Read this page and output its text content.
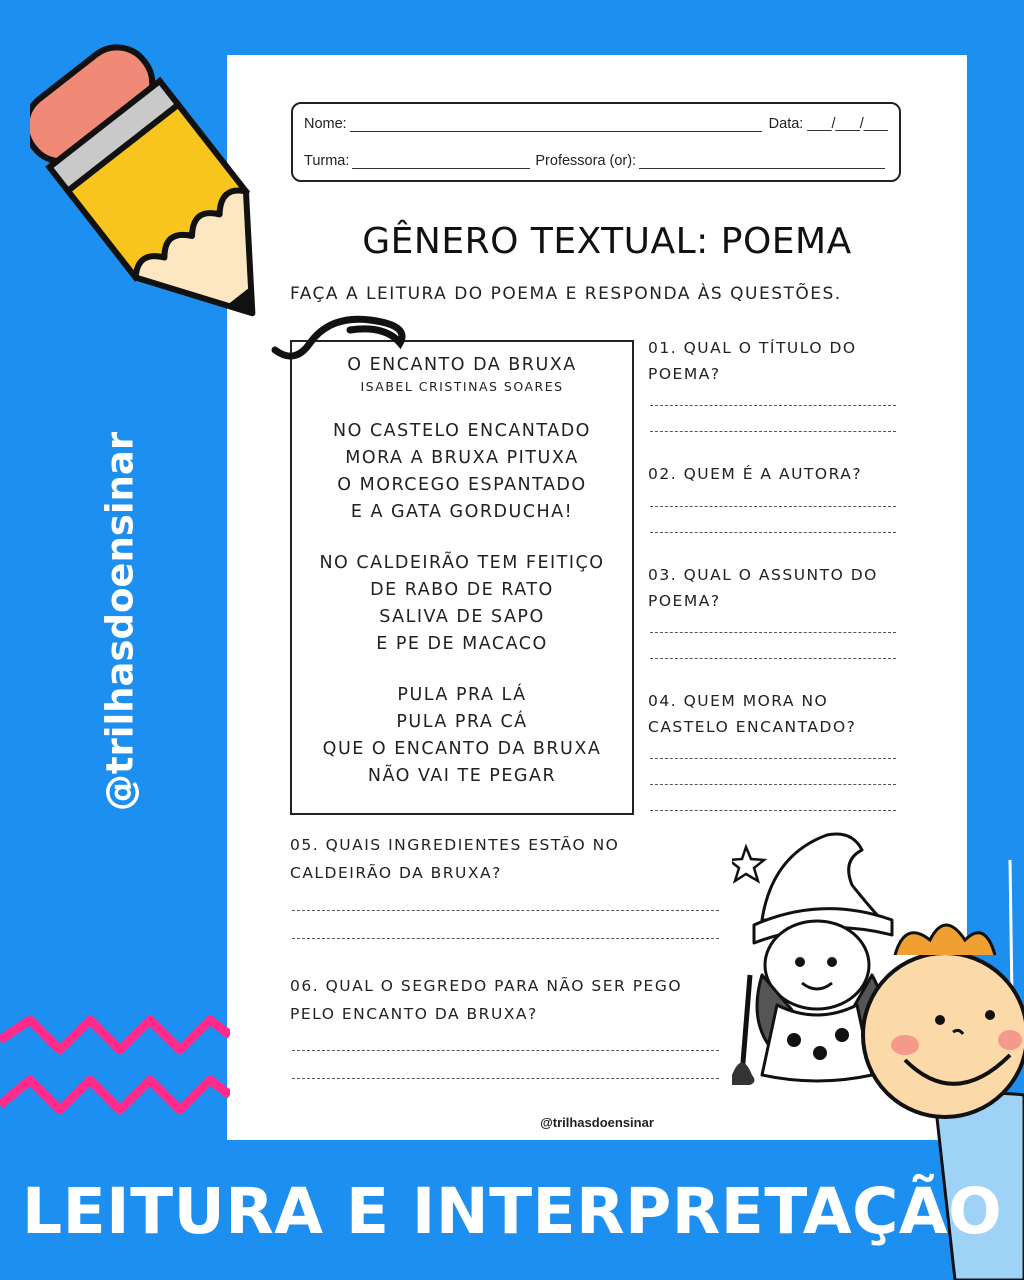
Nome:	Data: ___/___/___
Turma:	Professora (or):
GÊNERO TEXTUAL: POEMA
FAÇA A LEITURA DO POEMA E RESPONDA ÀS QUESTÕES.
O ENCANTO DA BRUXA
ISABEL CRISTINAS SOARES
NO CASTELO ENCANTADO
MORA A BRUXA PITUXA
O MORCEGO ESPANTADO
E A GATA GORDUCHA!
NO CALDEIRÃO TEM FEITIÇO
DE RABO DE RATO
SALIVA DE SAPO
E PE DE MACACO
PULA PRA LÁ
PULA PRA CÁ
QUE O ENCANTO DA BRUXA
NÃO VAI TE PEGAR
01. QUAL O TÍTULO DO
POEMA?
02. QUEM É A AUTORA?
03. QUAL O ASSUNTO DO
POEMA?
04. QUEM MORA NO
CASTELO ENCANTADO?
05. QUAIS INGREDIENTES ESTÃO NO
CALDEIRÃO DA BRUXA?
06. QUAL O SEGREDO PARA NÃO SER PEGO
PELO ENCANTO DA BRUXA?
@trilhasdoensinar
@trilhasdoensinar
LEITURA E INTERPRETAÇÃO
